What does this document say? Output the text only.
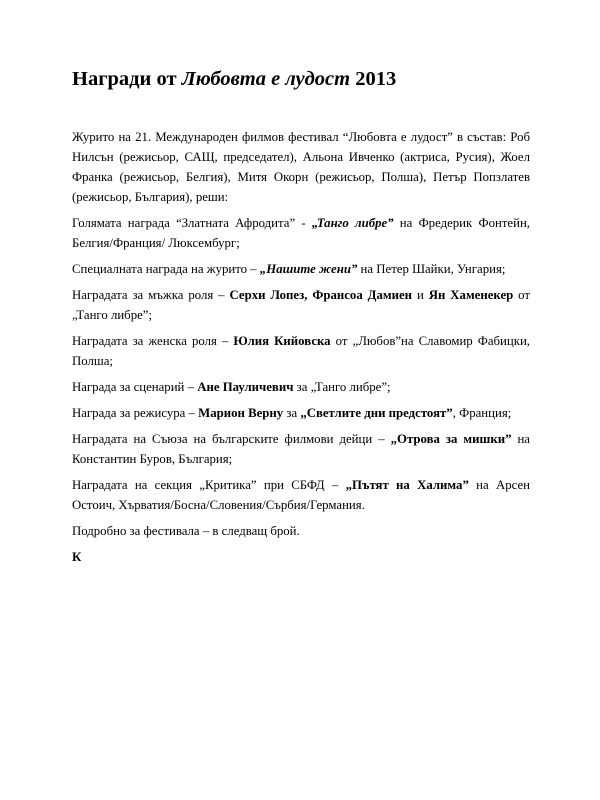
Награди от Любовта е лудост 2013

Журито на 21. Международен филмов фестивал “Любовта е лудост” в състав: Роб Нилсън (режисьор, САЩ, председател), Альона Ивченко (актриса, Русия), Жоел Франка (режисьор, Белгия), Митя Окорн (режисьор, Полша), Петър Попзлатев (режисьор, България), реши:

Голямата награда “Златната Афродита” - „Танго либре” на Фредерик Фонтейн, Белгия/Франция/ Люксембург;

Специалната награда на журито – „Нашите жени” на Петер Шайки, Унгария;

Наградата за мъжка роля – Серхи Лопез, Франсоа Дамиен и Ян Хаменекер от „Танго либре”;

Наградата за женска роля – Юлия Кийовска от „Любов”на Славомир Фабицки, Полша;

Награда за сценарий – Ане Пауличевич за „Танго либре”;

Награда за режисура – Марион Верну за „Светлите дни предстоят”, Франция;

Наградата на Съюза на българските филмови дейци – „Отрова за мишки” на Константин Буров, България;

Наградата на секция „Критика” при СБФД – „Пътят на Халима” на Арсен Остоич, Хърватия/Босна/Словения/Сърбия/Германия.

Подробно за фестивала – в следващ брой.

К
